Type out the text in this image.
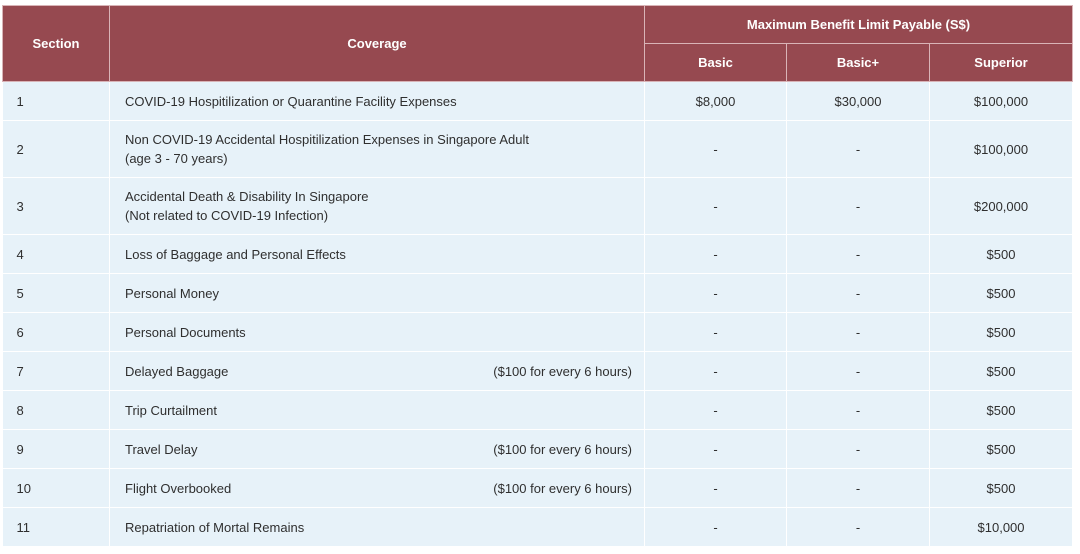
Section	Coverage	Maximum Benefit Limit Payable (S$)		
		Basic	Basic+	Superior
1	COVID-19 Hospitilization or Quarantine Facility Expenses	$8,000	$30,000	$100,000
2	Non COVID-19 Accidental Hospitilization Expenses in Singapore Adult
(age 3 - 70 years)	-	-	$100,000
3	Accidental Death & Disability In Singapore
(Not related to COVID-19 Infection)	-	-	$200,000
4	Loss of Baggage and Personal Effects	-	-	$500
5	Personal Money	-	-	$500
6	Personal Documents	-	-	$500
7	Delayed Baggage ($100 for every 6 hours)	-	-	$500
8	Trip Curtailment	-	-	$500
9	Travel Delay ($100 for every 6 hours)	-	-	$500
10	Flight Overbooked ($100 for every 6 hours)	-	-	$500
11	Repatriation of Mortal Remains	-	-	$10,000
